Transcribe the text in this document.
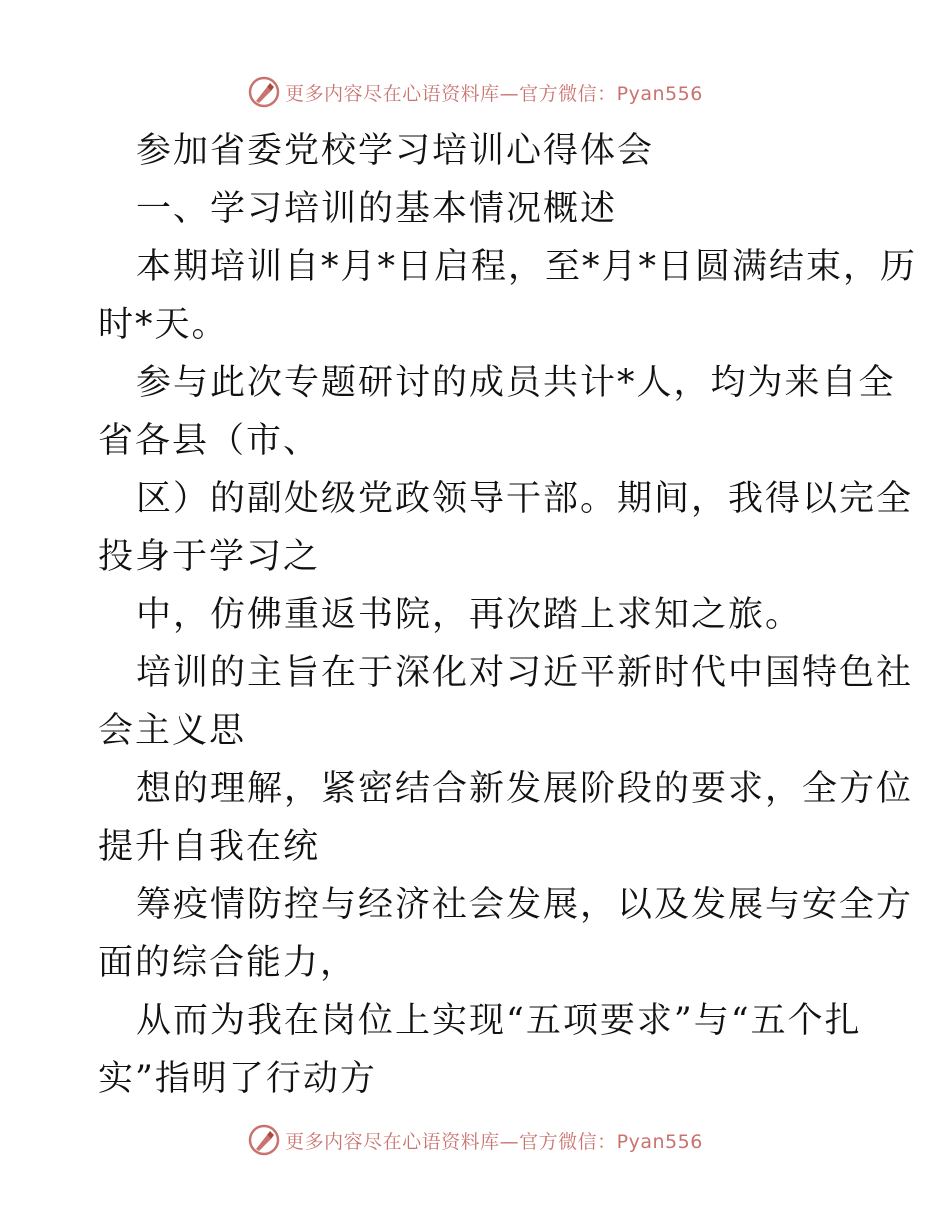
更多内容尽在心语资料库—官方微信：Pyan556
参加省委党校学习培训心得体会
一、学习培训的基本情况概述
本期培训自*月*日启程，至*月*日圆满结束，历
时*天。
参与此次专题研讨的成员共计*人，均为来自全
省各县（市、
区）的副处级党政领导干部。期间，我得以完全
投身于学习之
中，仿佛重返书院，再次踏上求知之旅。
培训的主旨在于深化对习近平新时代中国特色社
会主义思
想的理解，紧密结合新发展阶段的要求，全方位
提升自我在统
筹疫情防控与经济社会发展，以及发展与安全方
面的综合能力，
从而为我在岗位上实现“五项要求”与“五个扎
实”指明了行动方
更多内容尽在心语资料库—官方微信：Pyan556
